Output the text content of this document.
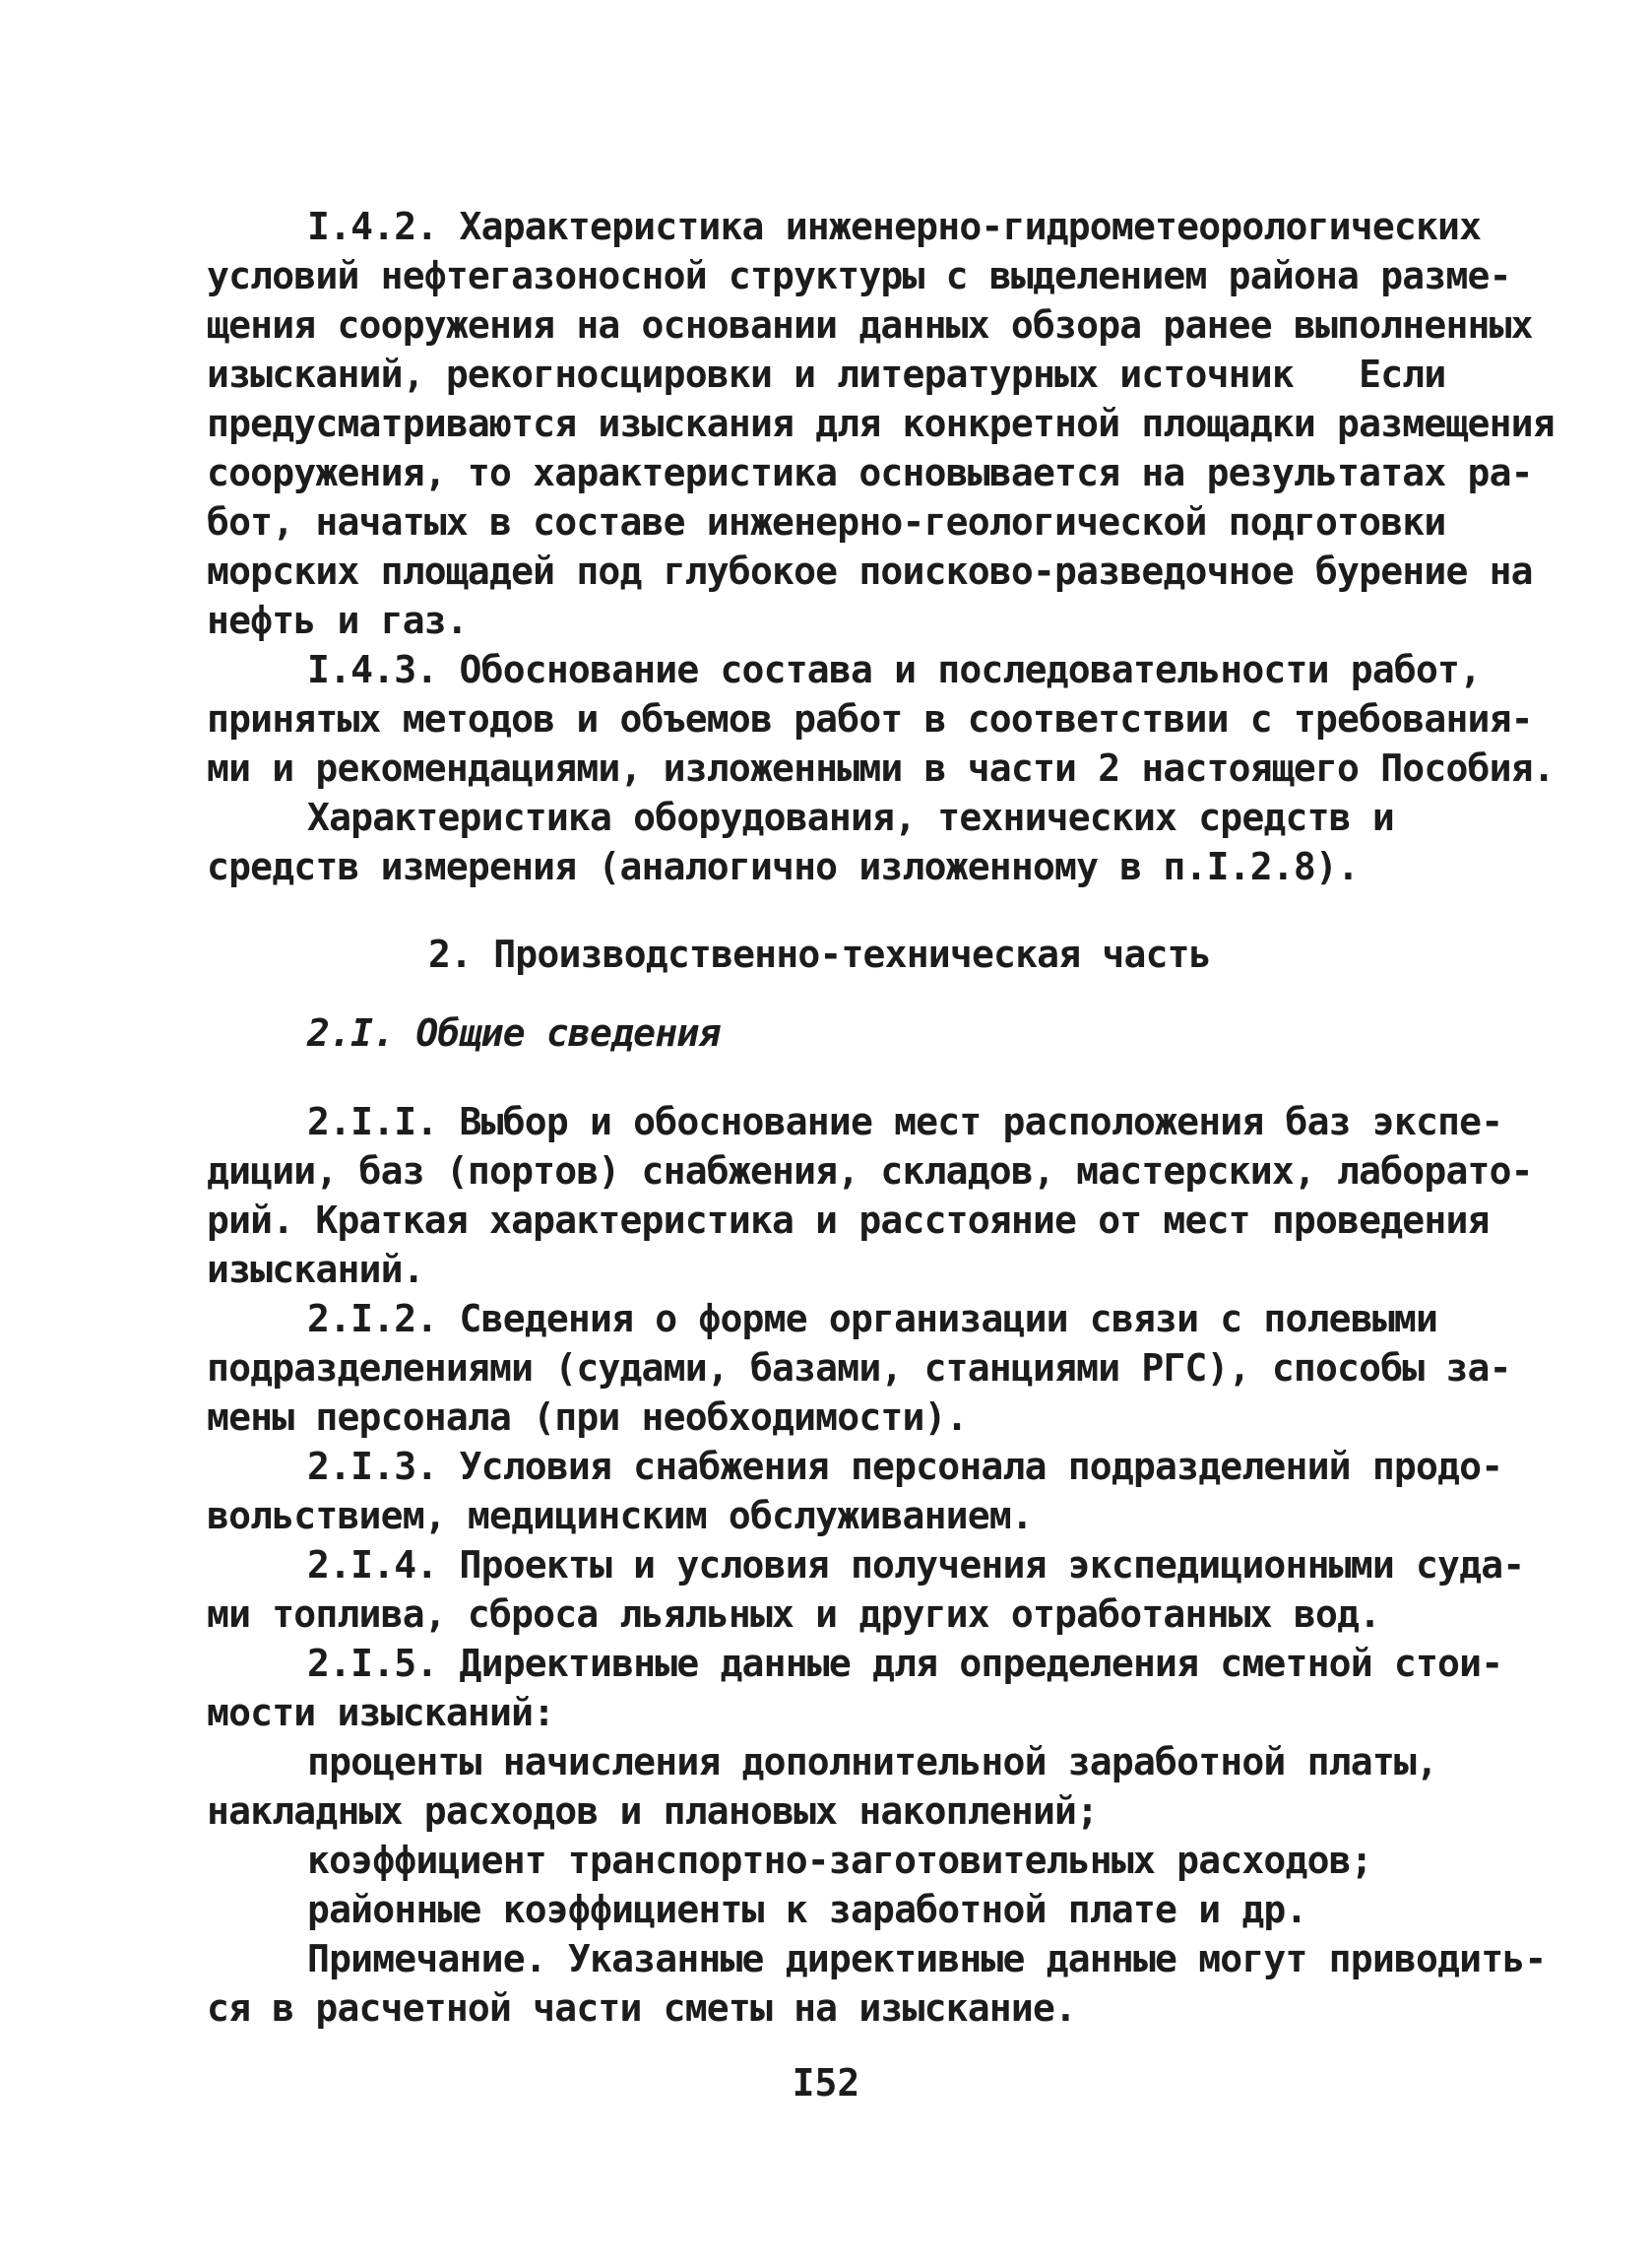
I.4.2. Характеристика инженерно-гидрометеорологических
условий нефтегазоносной структуры с выделением района разме-
щения сооружения на основании данных обзора ранее выполненных
изысканий, рекогносцировки и литературных источник   Если
предусматриваются изыскания для конкретной площадки размещения
сооружения, то характеристика основывается на результатах ра-
бот, начатых в составе инженерно-геологической подготовки
морских площадей под глубокое поисково-разведочное бурение на
нефть и газ.
I.4.3. Обоснование состава и последовательности работ,
принятых методов и объемов работ в соответствии с требования-
ми и рекомендациями, изложенными в части 2 настоящего Пособия.
Характеристика оборудования, технических средств и
средств измерения (аналогично изложенному в п.I.2.8).
2. Производственно-техническая часть
2.I. Общие сведения
2.I.I. Выбор и обоснование мест расположения баз экспе-
диции, баз (портов) снабжения, складов, мастерских, лаборато-
рий. Краткая характеристика и расстояние от мест проведения
изысканий.
2.I.2. Сведения о форме организации связи с полевыми
подразделениями (судами, базами, станциями РГС), способы за-
мены персонала (при необходимости).
2.I.3. Условия снабжения персонала подразделений продо-
вольствием, медицинским обслуживанием.
2.I.4. Проекты и условия получения экспедиционными суда-
ми топлива, сброса льяльных и других отработанных вод.
2.I.5. Директивные данные для определения сметной стои-
мости изысканий:
проценты начисления дополнительной заработной платы,
накладных расходов и плановых накоплений;
коэффициент транспортно-заготовительных расходов;
районные коэффициенты к заработной плате и др.
Примечание. Указанные директивные данные могут приводить-
ся в расчетной части сметы на изыскание.
I52
